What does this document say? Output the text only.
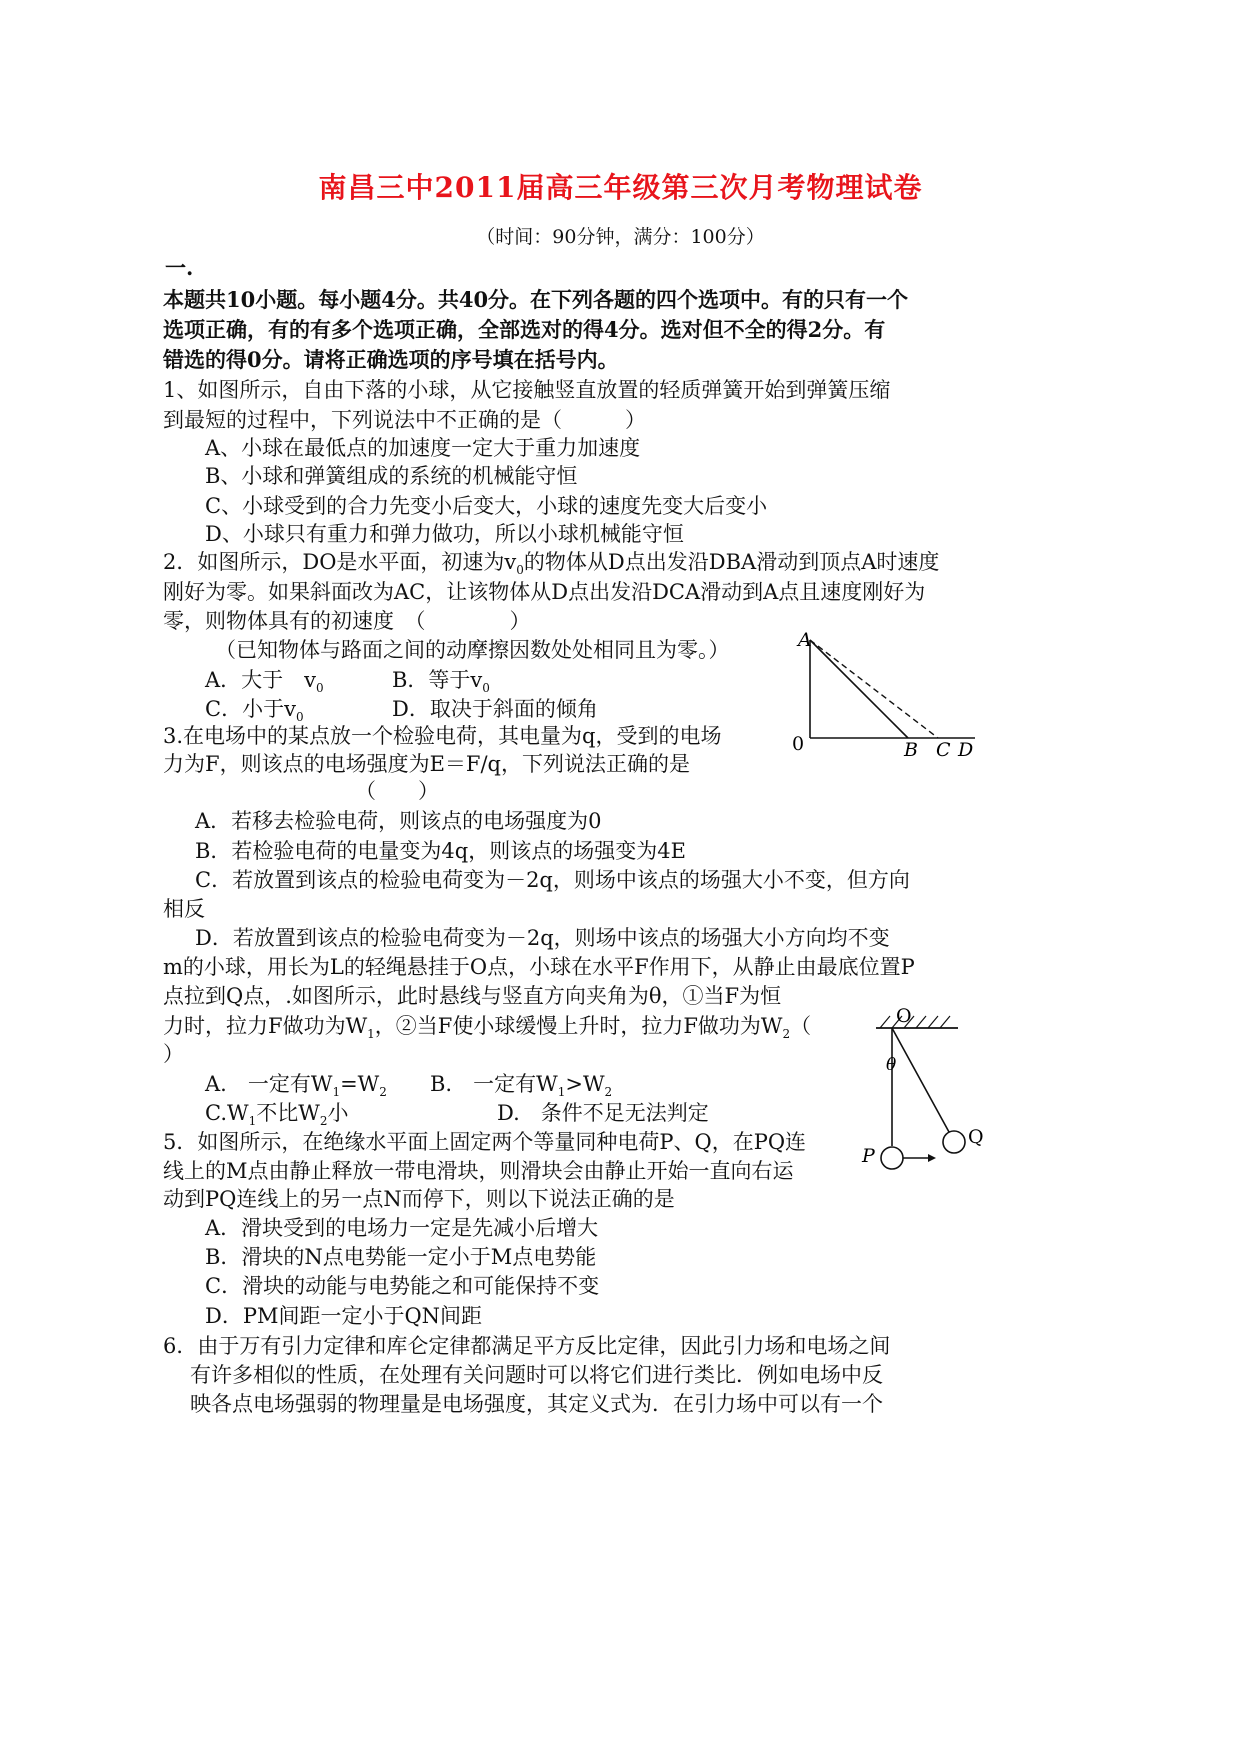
南昌三中2011届高三年级第三次月考物理试卷
（时间：90分钟，满分：100分）
一.
本题共10小题。每小题4分。共40分。在下列各题的四个选项中。有的只有一个
选项正确，有的有多个选项正确，全部选对的得4分。选对但不全的得2分。有
错选的得0分。请将正确选项的序号填在括号内。
1、如图所示，自由下落的小球，从它接触竖直放置的轻质弹簧开始到弹簧压缩
到最短的过程中，下列说法中不正确的是（　　　）
A、小球在最低点的加速度一定大于重力加速度
B、小球和弹簧组成的系统的机械能守恒
C、小球受到的合力先变小后变大，小球的速度先变大后变小
D、小球只有重力和弹力做功，所以小球机械能守恒
2．如图所示，DO是水平面，初速为$v_0$的物体从D点出发沿DBA滑动到顶点A时速度
刚好为零。如果斜面改为AC，让该物体从D点出发沿DCA滑动到A点且速度刚好为
零，则物体具有的初速度　（　　　　）
（已知物体与路面之间的动摩擦因数处处相同且为零。）
A．大于　$v_0$	B．等于$v_0$
C．小于$v_0$	D．取决于斜面的倾角
A
0	B C D
3.在电场中的某点放一个检验电荷，其电量为q，受到的电场
力为F，则该点的电场强度为E＝F/q，下列说法正确的是
（　　）
A．若移去检验电荷，则该点的电场强度为0
B．若检验电荷的电量变为4q，则该点的场强变为4E
C．若放置到该点的检验电荷变为－2q，则场中该点的场强大小不变，但方向
相反
D．若放置到该点的检验电荷变为－2q，则场中该点的场强大小方向均不变
m的小球，用长为L的轻绳悬挂于O点，小球在水平F作用下，从静止由最底位置P
点拉到Q点，.如图所示，此时悬线与竖直方向夹角为θ，①当F为恒
力时，拉力F做功为$W_1$，②当F使小球缓慢上升时，拉力F做功为$W_2$（
）
A.　一定有$W_1=W_2$ B.　一定有$W_1>W_2$
$C.W_1$不比$W_2$小	D.　条件不足无法判定
O
θ
P
Q
5．如图所示，在绝缘水平面上固定两个等量同种电荷P、Q，在PQ连
线上的M点由静止释放一带电滑块，则滑块会由静止开始一直向右运
动到PQ连线上的另一点N而停下，则以下说法正确的是
A．滑块受到的电场力一定是先减小后增大
B．滑块的N点电势能一定小于M点电势能
C．滑块的动能与电势能之和可能保持不变
D．PM间距一定小于QN间距
6．由于万有引力定律和库仑定律都满足平方反比定律，因此引力场和电场之间
有许多相似的性质，在处理有关问题时可以将它们进行类比．例如电场中反
映各点电场强弱的物理量是电场强度，其定义式为．在引力场中可以有一个
